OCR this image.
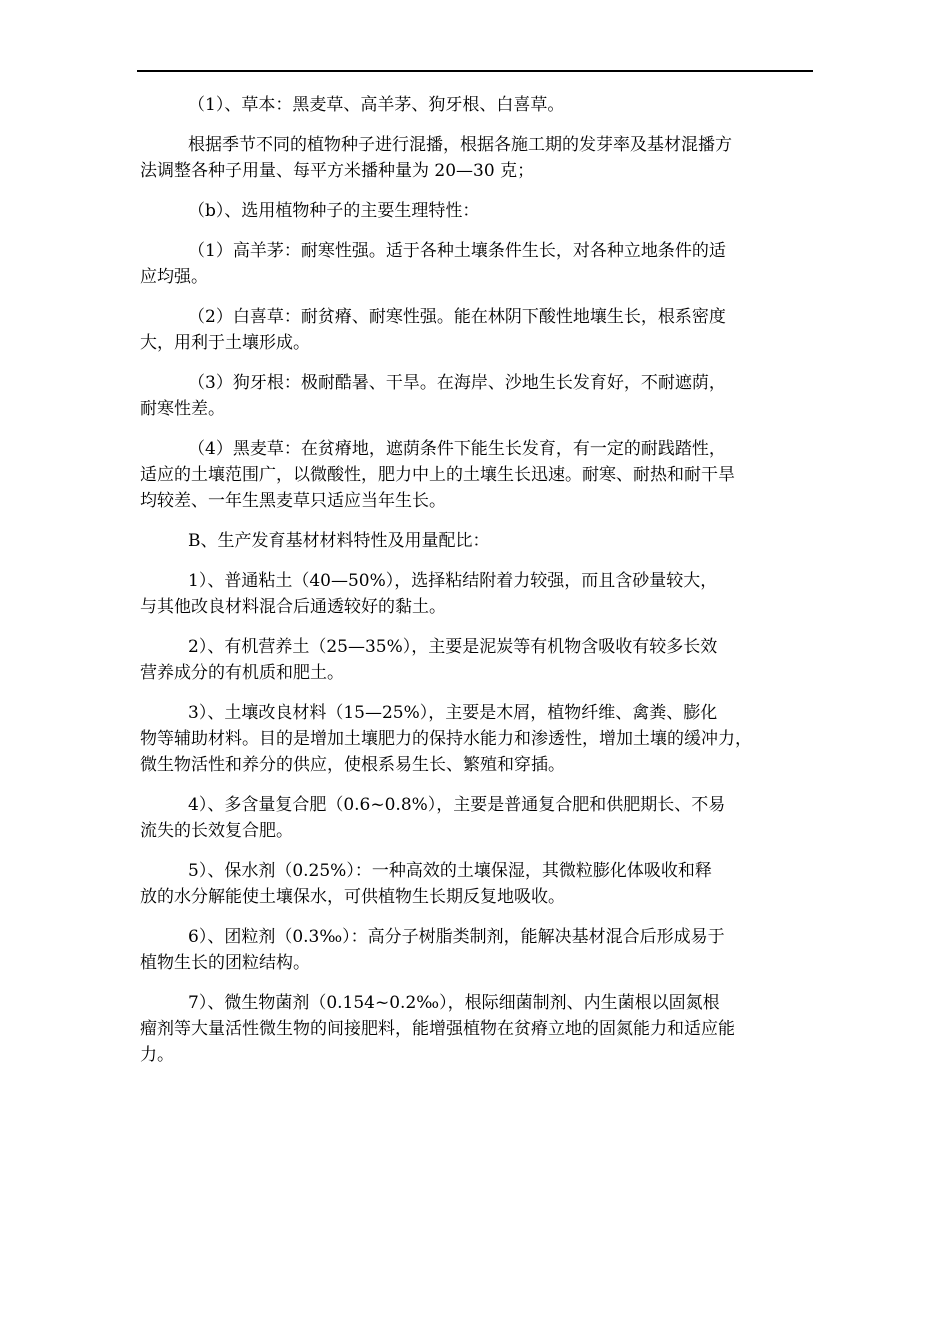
（1）、草本：黑麦草、高羊茅、狗牙根、白喜草。

根据季节不同的植物种子进行混播，根据各施工期的发芽率及基材混播方
法调整各种子用量、每平方米播种量为 20—30 克；

（b）、选用植物种子的主要生理特性：

（1）高羊茅：耐寒性强。适于各种土壤条件生长，对各种立地条件的适
应均强。

（2）白喜草：耐贫瘠、耐寒性强。能在林阴下酸性地壤生长，根系密度
大，用利于土壤形成。

（3）狗牙根：极耐酷暑、干旱。在海岸、沙地生长发育好，不耐遮荫，
耐寒性差。

（4）黑麦草：在贫瘠地，遮荫条件下能生长发育，有一定的耐践踏性，
适应的土壤范围广，以微酸性，肥力中上的土壤生长迅速。耐寒、耐热和耐干旱
均较差、一年生黑麦草只适应当年生长。

B、生产发育基材材料特性及用量配比：

1）、普通粘土（40—50%），选择粘结附着力较强，而且含砂量较大，
与其他改良材料混合后通透较好的黏土。

2）、有机营养土（25—35%），主要是泥炭等有机物含吸收有较多长效
营养成分的有机质和肥土。

3）、土壤改良材料（15—25%），主要是木屑，植物纤维、禽粪、膨化
物等辅助材料。目的是增加土壤肥力的保持水能力和渗透性，增加土壤的缓冲力，
微生物活性和养分的供应，使根系易生长、繁殖和穿插。

4）、多含量复合肥（0.6~0.8%），主要是普通复合肥和供肥期长、不易
流失的长效复合肥。

5）、保水剂（0.25%）：一种高效的土壤保湿，其微粒膨化体吸收和释
放的水分解能使土壤保水，可供植物生长期反复地吸收。

6）、团粒剂（0.3‰）：高分子树脂类制剂，能解决基材混合后形成易于
植物生长的团粒结构。

7）、微生物菌剂（0.154~0.2‰），根际细菌制剂、内生菌根以固氮根
瘤剂等大量活性微生物的间接肥料，能增强植物在贫瘠立地的固氮能力和适应能
力。
